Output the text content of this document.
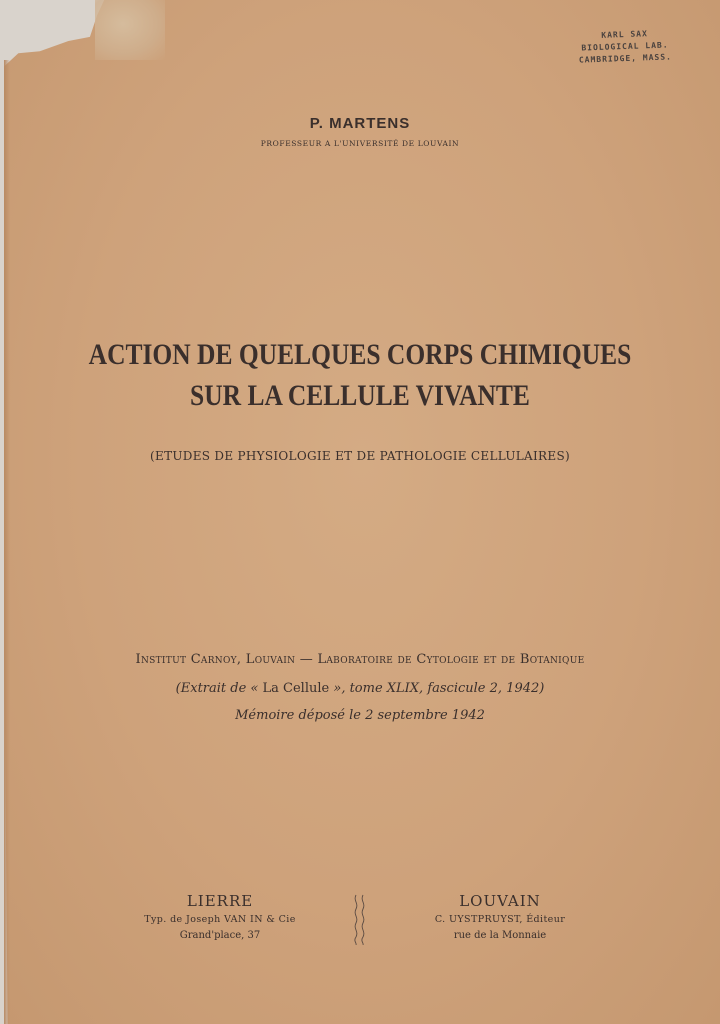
KARL SAX
BIOLOGICAL LAB.
CAMBRIDGE, MASS.
P. MARTENS
PROFESSEUR A L'UNIVERSITÉ DE LOUVAIN
ACTION DE QUELQUES CORPS CHIMIQUES
SUR LA CELLULE VIVANTE
(ETUDES DE PHYSIOLOGIE ET DE PATHOLOGIE CELLULAIRES)
Institut Carnoy, Louvain — Laboratoire de Cytologie et de Botanique
(Extrait de « La Cellule », tome XLIX, fascicule 2, 1942)
Mémoire déposé le 2 septembre 1942
LIERRE
Typ. de Joseph VAN IN & Cie
Grand'place, 37
LOUVAIN
C. UYSTPRUYST, Éditeur
rue de la Monnaie
